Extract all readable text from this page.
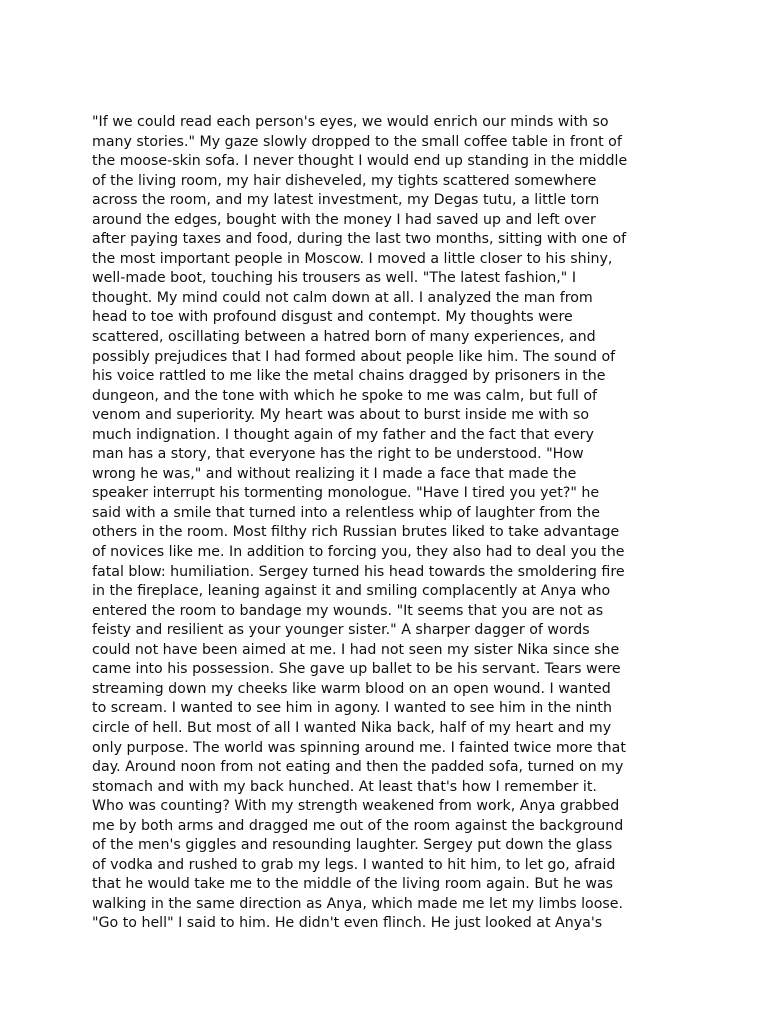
"If we could read each person's eyes, we would enrich our minds with so
many stories." My gaze slowly dropped to the small coffee table in front of
the moose-skin sofa. I never thought I would end up standing in the middle
of the living room, my hair disheveled, my tights scattered somewhere
across the room, and my latest investment, my Degas tutu, a little torn
around the edges, bought with the money I had saved up and left over
after paying taxes and food, during the last two months, sitting with one of
the most important people in Moscow. I moved a little closer to his shiny,
well-made boot, touching his trousers as well. "The latest fashion," I
thought. My mind could not calm down at all. I analyzed the man from
head to toe with profound disgust and contempt. My thoughts were
scattered, oscillating between a hatred born of many experiences, and
possibly prejudices that I had formed about people like him. The sound of
his voice rattled to me like the metal chains dragged by prisoners in the
dungeon, and the tone with which he spoke to me was calm, but full of
venom and superiority. My heart was about to burst inside me with so
much indignation. I thought again of my father and the fact that every
man has a story, that everyone has the right to be understood. "How
wrong he was," and without realizing it I made a face that made the
speaker interrupt his tormenting monologue. "Have I tired you yet?" he
said with a smile that turned into a relentless whip of laughter from the
others in the room. Most filthy rich Russian brutes liked to take advantage
of novices like me. In addition to forcing you, they also had to deal you the
fatal blow: humiliation. Sergey turned his head towards the smoldering fire
in the fireplace, leaning against it and smiling complacently at Anya who
entered the room to bandage my wounds. "It seems that you are not as
feisty and resilient as your younger sister." A sharper dagger of words
could not have been aimed at me. I had not seen my sister Nika since she
came into his possession. She gave up ballet to be his servant. Tears were
streaming down my cheeks like warm blood on an open wound. I wanted
to scream. I wanted to see him in agony. I wanted to see him in the ninth
circle of hell. But most of all I wanted Nika back, half of my heart and my
only purpose. The world was spinning around me. I fainted twice more that
day. Around noon from not eating and then the padded sofa, turned on my
stomach and with my back hunched. At least that's how I remember it.
Who was counting? With my strength weakened from work, Anya grabbed
me by both arms and dragged me out of the room against the background
of the men's giggles and resounding laughter. Sergey put down the glass
of vodka and rushed to grab my legs. I wanted to hit him, to let go, afraid
that he would take me to the middle of the living room again. But he was
walking in the same direction as Anya, which made me let my limbs loose.
"Go to hell" I said to him. He didn't even flinch. He just looked at Anya's
